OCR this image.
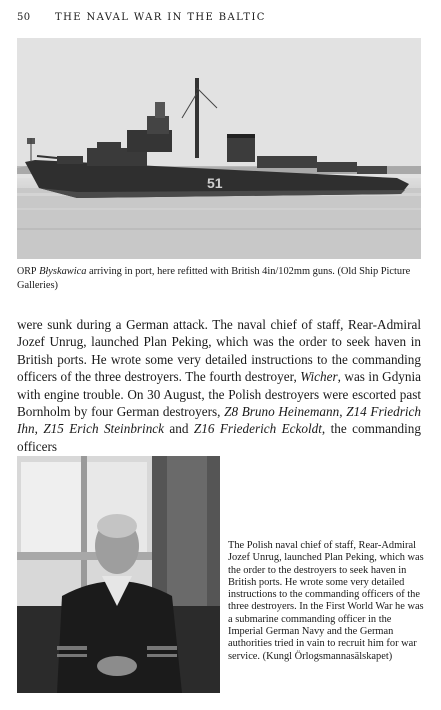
50 THE NAVAL WAR IN THE BALTIC
51
ORP Błyskawica arriving in port, here refitted with British 4in/102mm guns. (Old Ship Picture Galleries)
were sunk during a German attack. The naval chief of staff, Rear-Admiral Jozef Unrug, launched Plan Peking, which was the order to seek haven in British ports. He wrote some very detailed instructions to the commanding officers of the three destroyers. The fourth destroyer, Wicher, was in Gdynia with engine trouble. On 30 August, the Polish destroyers were escorted past Bornholm by four German destroyers, Z8 Bruno Heinemann, Z14 Friedrich Ihn, Z15 Erich Steinbrinck and Z16 Friederich Eckoldt, the commanding officers
The Polish naval chief of staff, Rear-Admiral Jozef Unrug, launched Plan Peking, which was the order to the destroyers to seek haven in British ports. He wrote some very detailed instructions to the commanding officers of the three destroyers. In the First World War he was a submarine commanding officer in the Imperial German Navy and the German authorities tried in vain to recruit him for war service. (Kungl Örlogsmannasälskapet)
